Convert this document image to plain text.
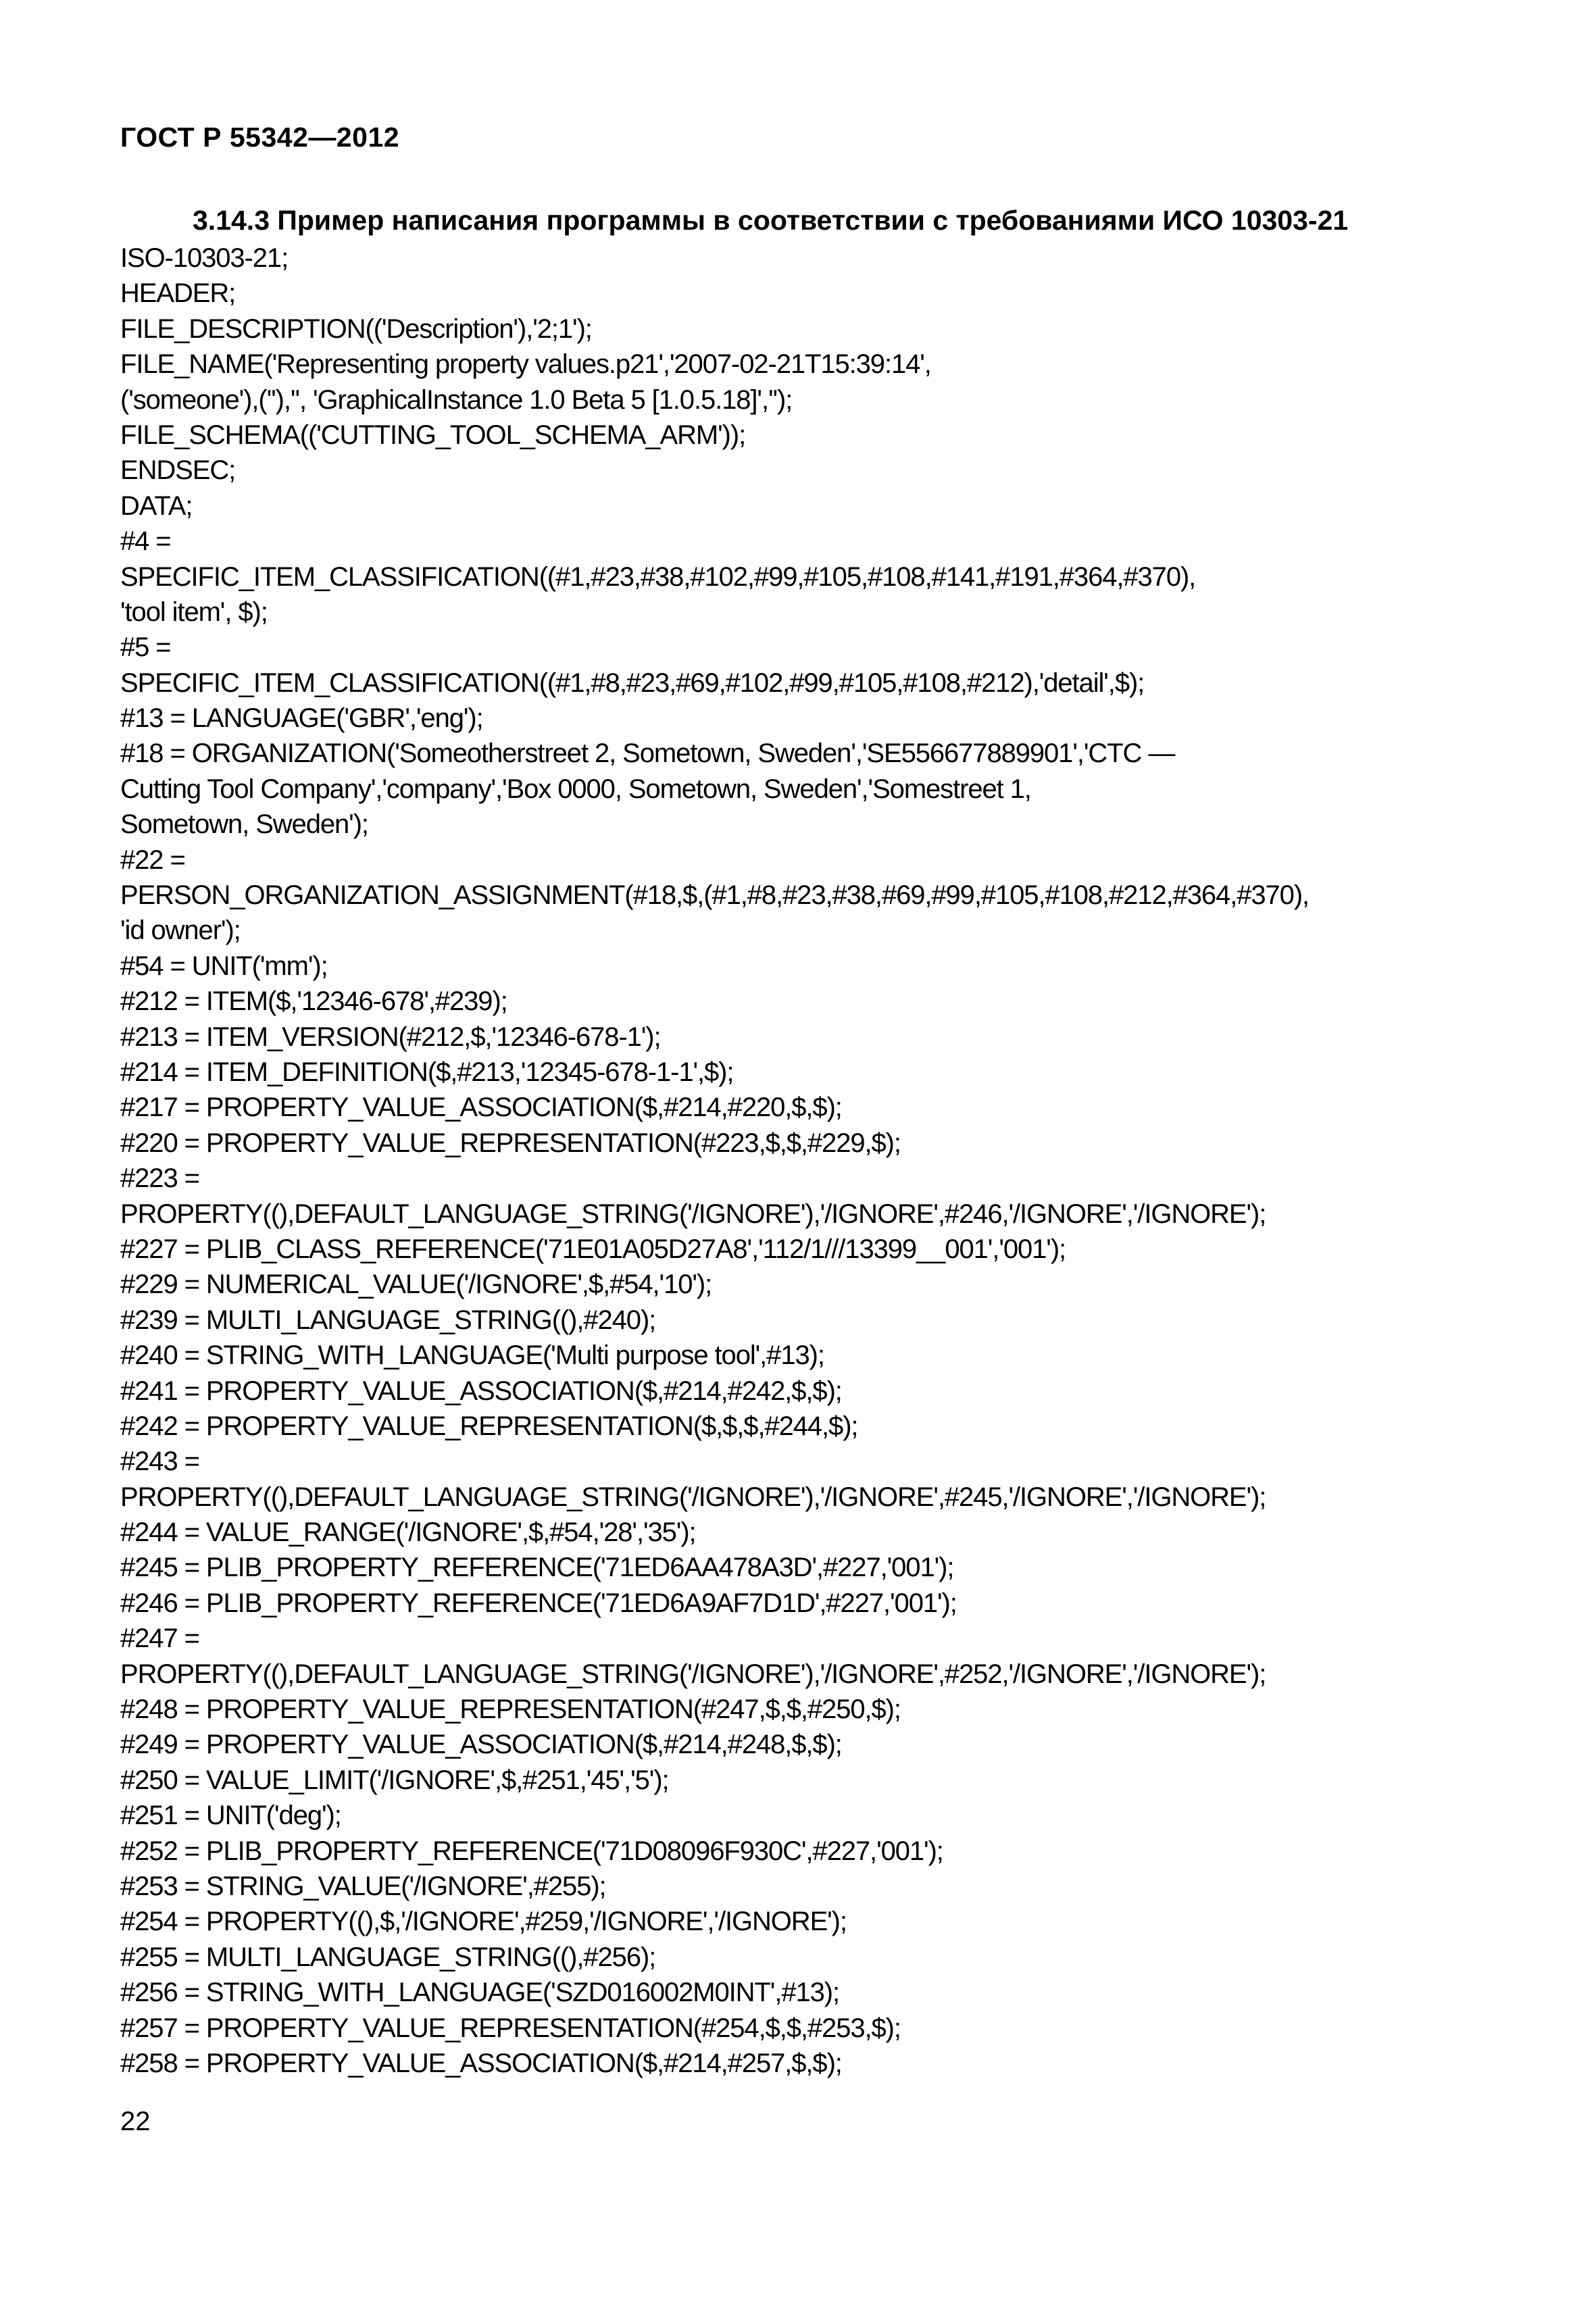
ГОСТ Р 55342—2012
3.14.3 Пример написания программы в соответствии с требованиями ИСО 10303-21
ISO-10303-21;
HEADER;
FILE_DESCRIPTION(('Description'),'2;1');
FILE_NAME('Representing property values.p21','2007-02-21T15:39:14',
('someone'),(''),'', 'GraphicalInstance 1.0 Beta 5 [1.0.5.18]','');
FILE_SCHEMA(('CUTTING_TOOL_SCHEMA_ARM'));
ENDSEC;
DATA;
#4 =
SPECIFIC_ITEM_CLASSIFICATION((#1,#23,#38,#102,#99,#105,#108,#141,#191,#364,#370),
'tool item', $);
#5 =
SPECIFIC_ITEM_CLASSIFICATION((#1,#8,#23,#69,#102,#99,#105,#108,#212),'detail',$);
#13 = LANGUAGE('GBR','eng');
#18 = ORGANIZATION('Someotherstreet 2, Sometown, Sweden','SE556677889901','CTC —
Cutting Tool Company','company','Box 0000, Sometown, Sweden','Somestreet 1,
Sometown, Sweden');
#22 =
PERSON_ORGANIZATION_ASSIGNMENT(#18,$,(#1,#8,#23,#38,#69,#99,#105,#108,#212,#364,#370),
'id owner');
#54 = UNIT('mm');
#212 = ITEM($,'12346-678',#239);
#213 = ITEM_VERSION(#212,$,'12346-678-1');
#214 = ITEM_DEFINITION($,#213,'12345-678-1-1',$);
#217 = PROPERTY_VALUE_ASSOCIATION($,#214,#220,$,$);
#220 = PROPERTY_VALUE_REPRESENTATION(#223,$,$,#229,$);
#223 =
PROPERTY((),DEFAULT_LANGUAGE_STRING('/IGNORE'),'/IGNORE',#246,'/IGNORE','/IGNORE');
#227 = PLIB_CLASS_REFERENCE('71E01A05D27A8','112/1///13399__001','001');
#229 = NUMERICAL_VALUE('/IGNORE',$,#54,'10');
#239 = MULTI_LANGUAGE_STRING((),#240);
#240 = STRING_WITH_LANGUAGE('Multi purpose tool',#13);
#241 = PROPERTY_VALUE_ASSOCIATION($,#214,#242,$,$);
#242 = PROPERTY_VALUE_REPRESENTATION($,$,$,#244,$);
#243 =
PROPERTY((),DEFAULT_LANGUAGE_STRING('/IGNORE'),'/IGNORE',#245,'/IGNORE','/IGNORE');
#244 = VALUE_RANGE('/IGNORE',$,#54,'28','35');
#245 = PLIB_PROPERTY_REFERENCE('71ED6AA478A3D',#227,'001');
#246 = PLIB_PROPERTY_REFERENCE('71ED6A9AF7D1D',#227,'001');
#247 =
PROPERTY((),DEFAULT_LANGUAGE_STRING('/IGNORE'),'/IGNORE',#252,'/IGNORE','/IGNORE');
#248 = PROPERTY_VALUE_REPRESENTATION(#247,$,$,#250,$);
#249 = PROPERTY_VALUE_ASSOCIATION($,#214,#248,$,$);
#250 = VALUE_LIMIT('/IGNORE',$,#251,'45','5');
#251 = UNIT('deg');
#252 = PLIB_PROPERTY_REFERENCE('71D08096F930C',#227,'001');
#253 = STRING_VALUE('/IGNORE',#255);
#254 = PROPERTY((),$,'/IGNORE',#259,'/IGNORE','/IGNORE');
#255 = MULTI_LANGUAGE_STRING((),#256);
#256 = STRING_WITH_LANGUAGE('SZD016002M0INT',#13);
#257 = PROPERTY_VALUE_REPRESENTATION(#254,$,$,#253,$);
#258 = PROPERTY_VALUE_ASSOCIATION($,#214,#257,$,$);
22
